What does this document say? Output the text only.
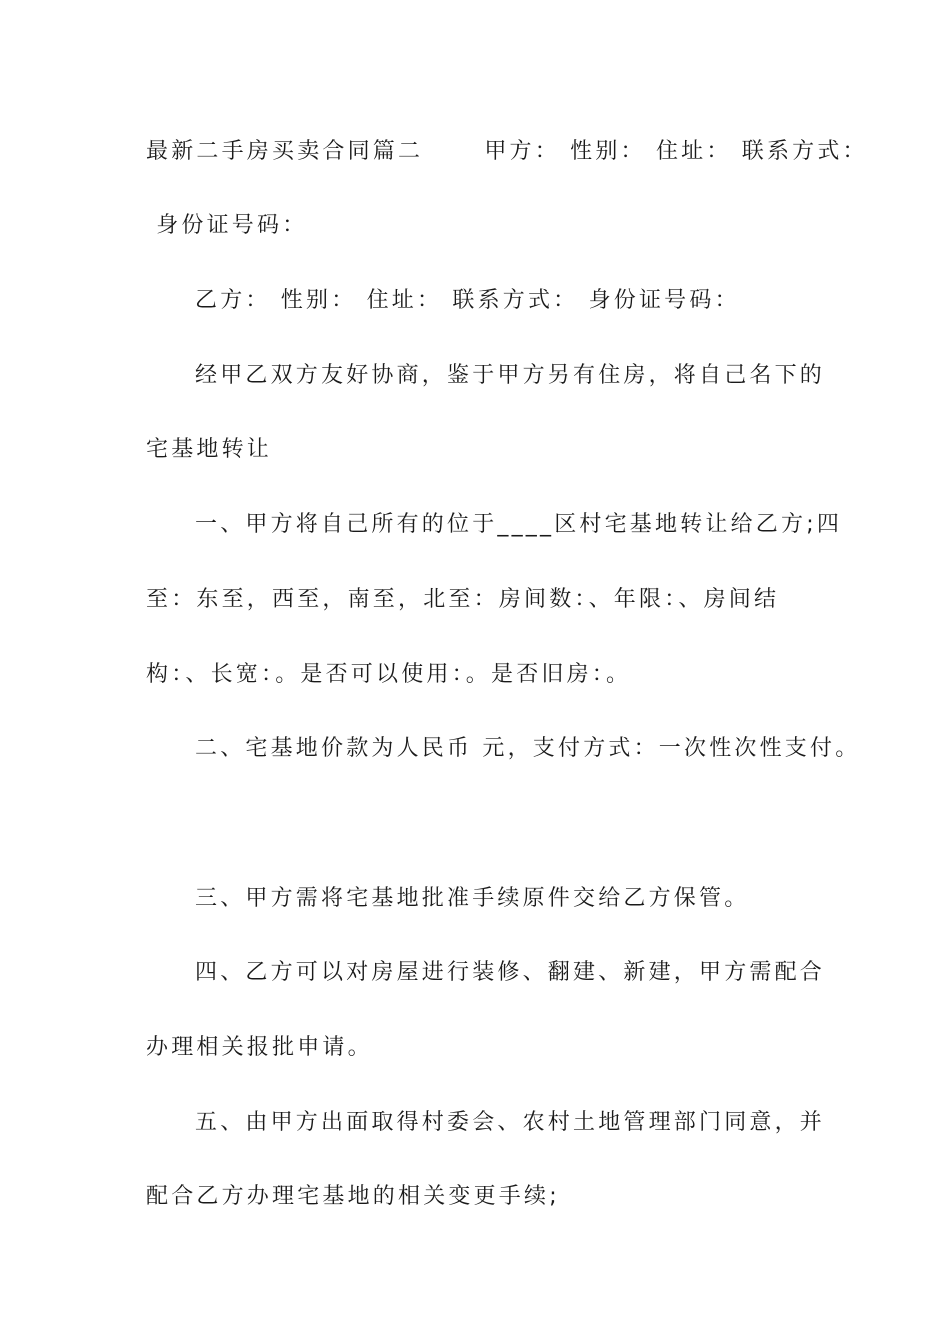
最新二手房买卖合同篇二      甲方： 性别： 住址： 联系方式：
身份证号码：
乙方： 性别： 住址： 联系方式： 身份证号码：
经甲乙双方友好协商，鉴于甲方另有住房，将自己名下的
宅基地转让
一、甲方将自己所有的位于____区村宅基地转让给乙方;四
至：东至，西至，南至，北至：房间数：、年限：、房间结
构：、长宽：。是否可以使用：。是否旧房：。
二、宅基地价款为人民币 元，支付方式：一次性次性支付。
三、甲方需将宅基地批准手续原件交给乙方保管。
四、乙方可以对房屋进行装修、翻建、新建，甲方需配合
办理相关报批申请。
五、由甲方出面取得村委会、农村土地管理部门同意，并
配合乙方办理宅基地的相关变更手续;
